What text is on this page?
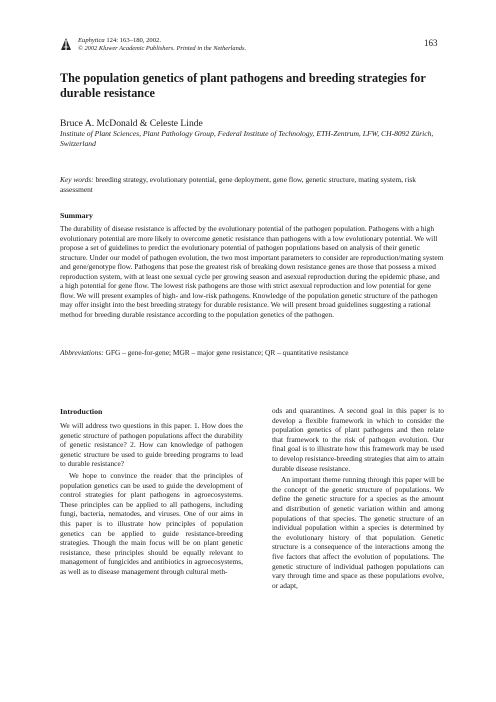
Euphytica 124: 163–180, 2002.
© 2002 Kluwer Academic Publishers. Printed in the Netherlands.
163
The population genetics of plant pathogens and breeding strategies for durable resistance
Bruce A. McDonald & Celeste Linde
Institute of Plant Sciences, Plant Pathology Group, Federal Institute of Technology, ETH-Zentrum, LFW, CH-8092 Zürich, Switzerland
Key words: breeding strategy, evolutionary potential, gene deployment, gene flow, genetic structure, mating system, risk assessment
Summary
The durability of disease resistance is affected by the evolutionary potential of the pathogen population. Pathogens with a high evolutionary potential are more likely to overcome genetic resistance than pathogens with a low evolutionary potential. We will propose a set of guidelines to predict the evolutionary potential of pathogen populations based on analysis of their genetic structure. Under our model of pathogen evolution, the two most important parameters to consider are reproduction/mating system and gene/genotype flow. Pathogens that pose the greatest risk of breaking down resistance genes are those that possess a mixed reproduction system, with at least one sexual cycle per growing season and asexual reproduction during the epidemic phase, and a high potential for gene flow. The lowest risk pathogens are those with strict asexual reproduction and low potential for gene flow. We will present examples of high- and low-risk pathogens. Knowledge of the population genetic structure of the pathogen may offer insight into the best breeding strategy for durable resistance. We will present broad guidelines suggesting a rational method for breeding durable resistance according to the population genetics of the pathogen.
Abbreviations: GFG – gene-for-gene; MGR – major gene resistance; QR – quantitative resistance
Introduction

We will address two questions in this paper. 1. How does the genetic structure of pathogen populations affect the durability of genetic resistance? 2. How can knowledge of pathogen genetic structure be used to guide breeding programs to lead to durable resistance?

We hope to convince the reader that the principles of population genetics can be used to guide the development of control strategies for plant pathogens in agroecosystems. These principles can be applied to all pathogens, including fungi, bacteria, nematodes, and viruses. One of our aims in this paper is to illustrate how principles of population genetics can be applied to guide resistance-breeding strategies. Though the main focus will be on plant genetic resistance, these principles should be equally relevant to management of fungicides and antibiotics in agroecosystems, as well as to disease management through cultural meth-

ods and quarantines. A second goal in this paper is to develop a flexible framework in which to consider the population genetics of plant pathogens and then relate that framework to the risk of pathogen evolution. Our final goal is to illustrate how this framework may be used to develop resistance-breeding strategies that aim to attain durable disease resistance.

An important theme running through this paper will be the concept of the genetic structure of populations. We define the genetic structure for a species as the amount and distribution of genetic variation within and among populations of that species. The genetic structure of an individual population within a species is determined by the evolutionary history of that population. Genetic structure is a consequence of the interactions among the five factors that affect the evolution of populations. The genetic structure of individual pathogen populations can vary through time and space as these populations evolve, or adapt,
